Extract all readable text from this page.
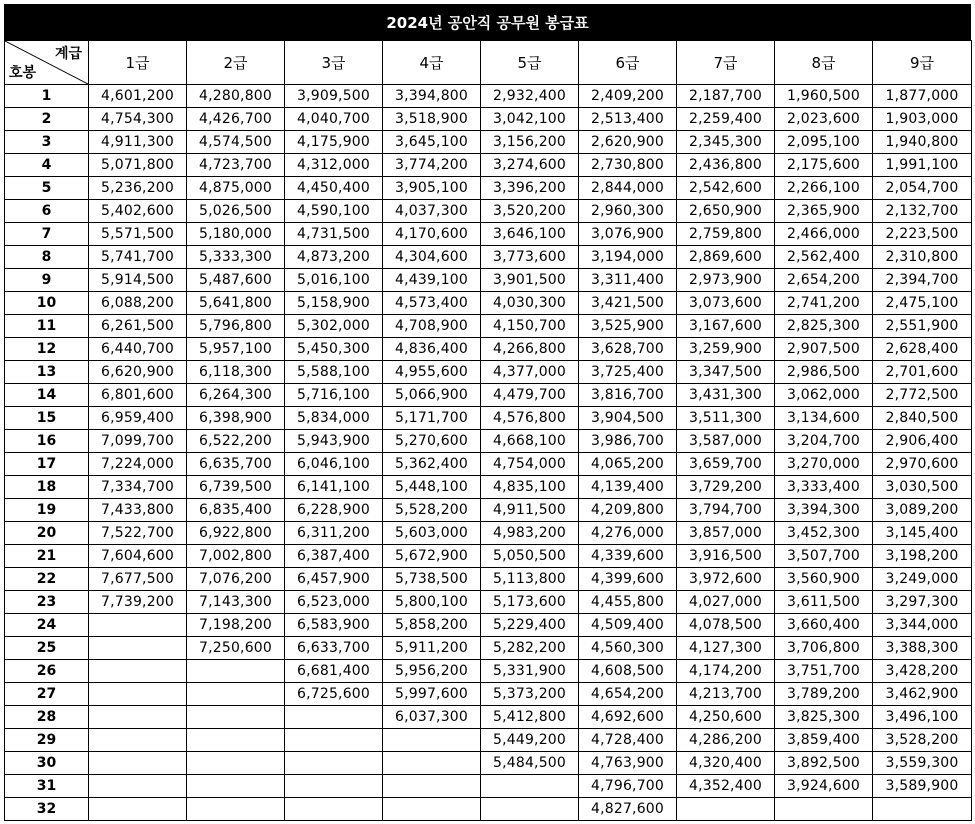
2024년 공안직 공무원 봉급표
계급
호봉	1급	2급	3급	4급	5급	6급	7급	8급	9급
1	4,601,200	4,280,800	3,909,500	3,394,800	2,932,400	2,409,200	2,187,700	1,960,500	1,877,000
2	4,754,300	4,426,700	4,040,700	3,518,900	3,042,100	2,513,400	2,259,400	2,023,600	1,903,000
3	4,911,300	4,574,500	4,175,900	3,645,100	3,156,200	2,620,900	2,345,300	2,095,100	1,940,800
4	5,071,800	4,723,700	4,312,000	3,774,200	3,274,600	2,730,800	2,436,800	2,175,600	1,991,100
5	5,236,200	4,875,000	4,450,400	3,905,100	3,396,200	2,844,000	2,542,600	2,266,100	2,054,700
6	5,402,600	5,026,500	4,590,100	4,037,300	3,520,200	2,960,300	2,650,900	2,365,900	2,132,700
7	5,571,500	5,180,000	4,731,500	4,170,600	3,646,100	3,076,900	2,759,800	2,466,000	2,223,500
8	5,741,700	5,333,300	4,873,200	4,304,600	3,773,600	3,194,000	2,869,600	2,562,400	2,310,800
9	5,914,500	5,487,600	5,016,100	4,439,100	3,901,500	3,311,400	2,973,900	2,654,200	2,394,700
10	6,088,200	5,641,800	5,158,900	4,573,400	4,030,300	3,421,500	3,073,600	2,741,200	2,475,100
11	6,261,500	5,796,800	5,302,000	4,708,900	4,150,700	3,525,900	3,167,600	2,825,300	2,551,900
12	6,440,700	5,957,100	5,450,300	4,836,400	4,266,800	3,628,700	3,259,900	2,907,500	2,628,400
13	6,620,900	6,118,300	5,588,100	4,955,600	4,377,000	3,725,400	3,347,500	2,986,500	2,701,600
14	6,801,600	6,264,300	5,716,100	5,066,900	4,479,700	3,816,700	3,431,300	3,062,000	2,772,500
15	6,959,400	6,398,900	5,834,000	5,171,700	4,576,800	3,904,500	3,511,300	3,134,600	2,840,500
16	7,099,700	6,522,200	5,943,900	5,270,600	4,668,100	3,986,700	3,587,000	3,204,700	2,906,400
17	7,224,000	6,635,700	6,046,100	5,362,400	4,754,000	4,065,200	3,659,700	3,270,000	2,970,600
18	7,334,700	6,739,500	6,141,100	5,448,100	4,835,100	4,139,400	3,729,200	3,333,400	3,030,500
19	7,433,800	6,835,400	6,228,900	5,528,200	4,911,500	4,209,800	3,794,700	3,394,300	3,089,200
20	7,522,700	6,922,800	6,311,200	5,603,000	4,983,200	4,276,000	3,857,000	3,452,300	3,145,400
21	7,604,600	7,002,800	6,387,400	5,672,900	5,050,500	4,339,600	3,916,500	3,507,700	3,198,200
22	7,677,500	7,076,200	6,457,900	5,738,500	5,113,800	4,399,600	3,972,600	3,560,900	3,249,000
23	7,739,200	7,143,300	6,523,000	5,800,100	5,173,600	4,455,800	4,027,000	3,611,500	3,297,300
24		7,198,200	6,583,900	5,858,200	5,229,400	4,509,400	4,078,500	3,660,400	3,344,000
25		7,250,600	6,633,700	5,911,200	5,282,200	4,560,300	4,127,300	3,706,800	3,388,300
26			6,681,400	5,956,200	5,331,900	4,608,500	4,174,200	3,751,700	3,428,200
27			6,725,600	5,997,600	5,373,200	4,654,200	4,213,700	3,789,200	3,462,900
28				6,037,300	5,412,800	4,692,600	4,250,600	3,825,300	3,496,100
29					5,449,200	4,728,400	4,286,200	3,859,400	3,528,200
30					5,484,500	4,763,900	4,320,400	3,892,500	3,559,300
31						4,796,700	4,352,400	3,924,600	3,589,900
32						4,827,600			
